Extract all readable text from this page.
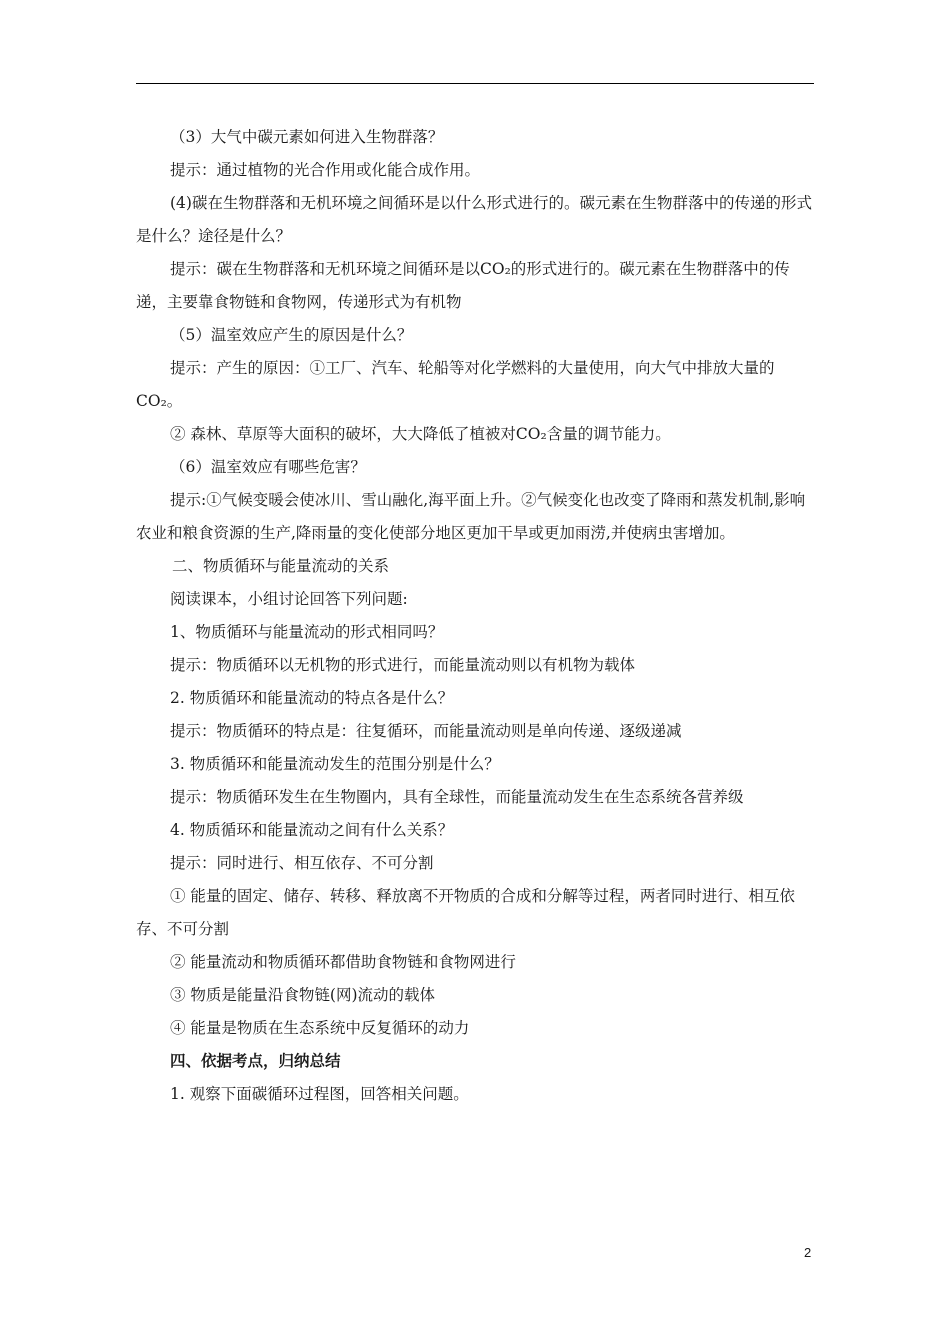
（3）大气中碳元素如何进入生物群落？

提示：通过植物的光合作用或化能合成作用。

(4)碳在生物群落和无机环境之间循环是以什么形式进行的。碳元素在生物群落中的传递的形式是什么？途径是什么？

提示：碳在生物群落和无机环境之间循环是以CO₂的形式进行的。碳元素在生物群落中的传递，主要靠食物链和食物网，传递形式为有机物

（5）温室效应产生的原因是什么？

提示：产生的原因：①工厂、汽车、轮船等对化学燃料的大量使用，向大气中排放大量的CO₂。

② 森林、草原等大面积的破坏，大大降低了植被对CO₂含量的调节能力。

（6）温室效应有哪些危害？

提示:①气候变暖会使冰川、雪山融化,海平面上升。②气候变化也改变了降雨和蒸发机制,影响农业和粮食资源的生产,降雨量的变化使部分地区更加干旱或更加雨涝,并使病虫害增加。

二、物质循环与能量流动的关系

阅读课本，小组讨论回答下列问题:

1、物质循环与能量流动的形式相同吗？

提示：物质循环以无机物的形式进行，而能量流动则以有机物为载体

2. 物质循环和能量流动的特点各是什么？

提示：物质循环的特点是：往复循环，而能量流动则是单向传递、逐级递减

3. 物质循环和能量流动发生的范围分别是什么？

提示：物质循环发生在生物圈内，具有全球性，而能量流动发生在生态系统各营养级

4. 物质循环和能量流动之间有什么关系？

提示：同时进行、相互依存、不可分割

① 能量的固定、储存、转移、释放离不开物质的合成和分解等过程，两者同时进行、相互依存、不可分割

② 能量流动和物质循环都借助食物链和食物网进行

③ 物质是能量沿食物链(网)流动的载体

④ 能量是物质在生态系统中反复循环的动力

四、依据考点，归纳总结

1. 观察下面碳循环过程图，回答相关问题。

2
